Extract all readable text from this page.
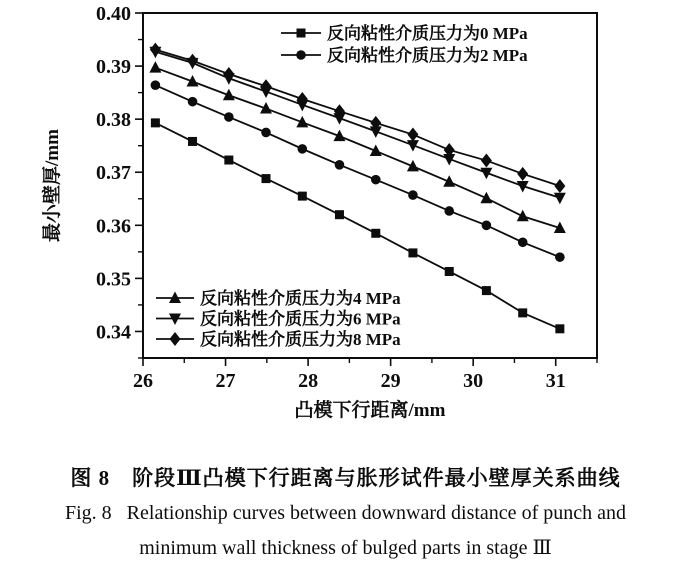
0.34
0.35
0.36
0.37
0.38
0.39
0.40
26	27	28	29	30	31
凸模下行距离/mm
最小壁厚/mm
反向粘性介质压力为0 MPa
反向粘性介质压力为2 MPa
反向粘性介质压力为4 MPa
反向粘性介质压力为6 MPa
反向粘性介质压力为8 MPa
图 8　阶段Ⅲ凸模下行距离与胀形试件最小壁厚关系曲线
Fig. 8   Relationship curves between downward distance of punch and
minimum wall thickness of bulged parts in stage Ⅲ
